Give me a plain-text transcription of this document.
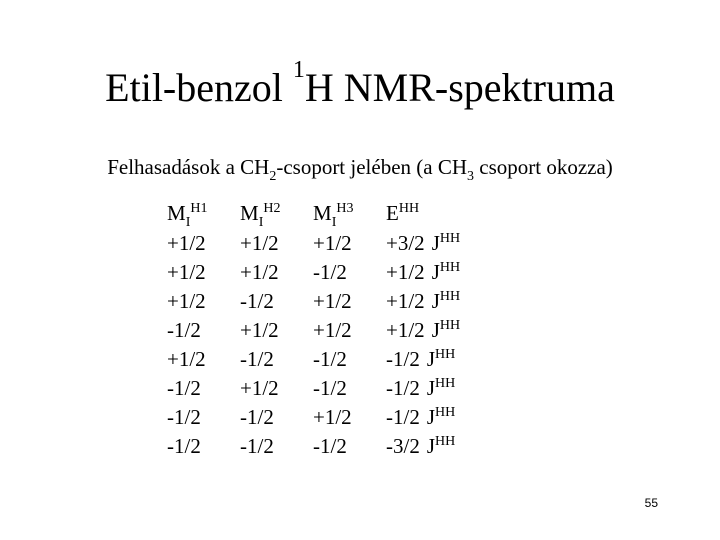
Etil-benzol $^1$H NMR-spektruma
Felhasadások a $CH_2$-csoport jelében (a $CH_3$ csoport okozza)
$M_I^{H1}$
+1/2
+1/2
+1/2
-1/2
+1/2
-1/2
-1/2
-1/2
$M_I^{H2}$
+1/2
+1/2
-1/2
+1/2
-1/2
+1/2
-1/2
-1/2
$M_I^{H3}$
+1/2
-1/2
+1/2
+1/2
-1/2
-1/2
+1/2
-1/2
$E^{HH}$
+3/2 $J^{HH}$
+1/2 $J^{HH}$
+1/2 $J^{HH}$
+1/2 $J^{HH}$
-1/2 $J^{HH}$
-1/2 $J^{HH}$
-1/2 $J^{HH}$
-3/2 $J^{HH}$
55
